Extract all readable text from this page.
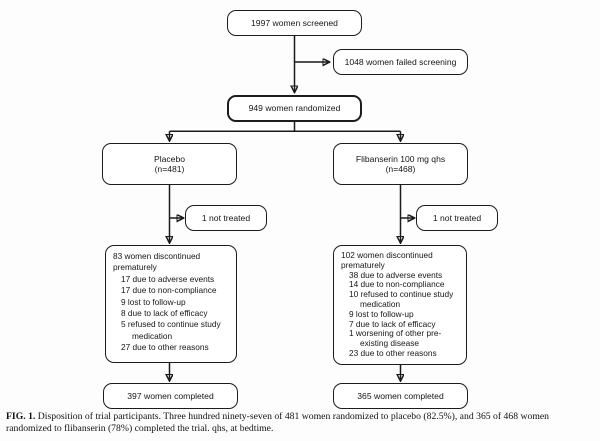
1997 women screened
1048 women failed screening
949 women randomized
Placebo
(n=481)
Flibanserin 100 mg qhs
(n=468)
1 not treated	1 not treated
83 women discontinued prematurely
17 due to adverse events
17 due to non-compliance
9 lost to follow-up
8 due to lack of efficacy
5 refused to continue study medication
27 due to other reasons
102 women discontinued prematurely
38 due to adverse events
14 due to non-compliance
10 refused to continue study medication
9 lost to follow-up
7 due to lack of efficacy
1 worsening of other pre-existing disease
23 due to other reasons
397 women completed	365 women completed
FIG. 1. Disposition of trial participants. Three hundred ninety-seven of 481 women randomized to placebo (82.5%), and 365 of 468 women randomized to flibanserin (78%) completed the trial. qhs, at bedtime.
